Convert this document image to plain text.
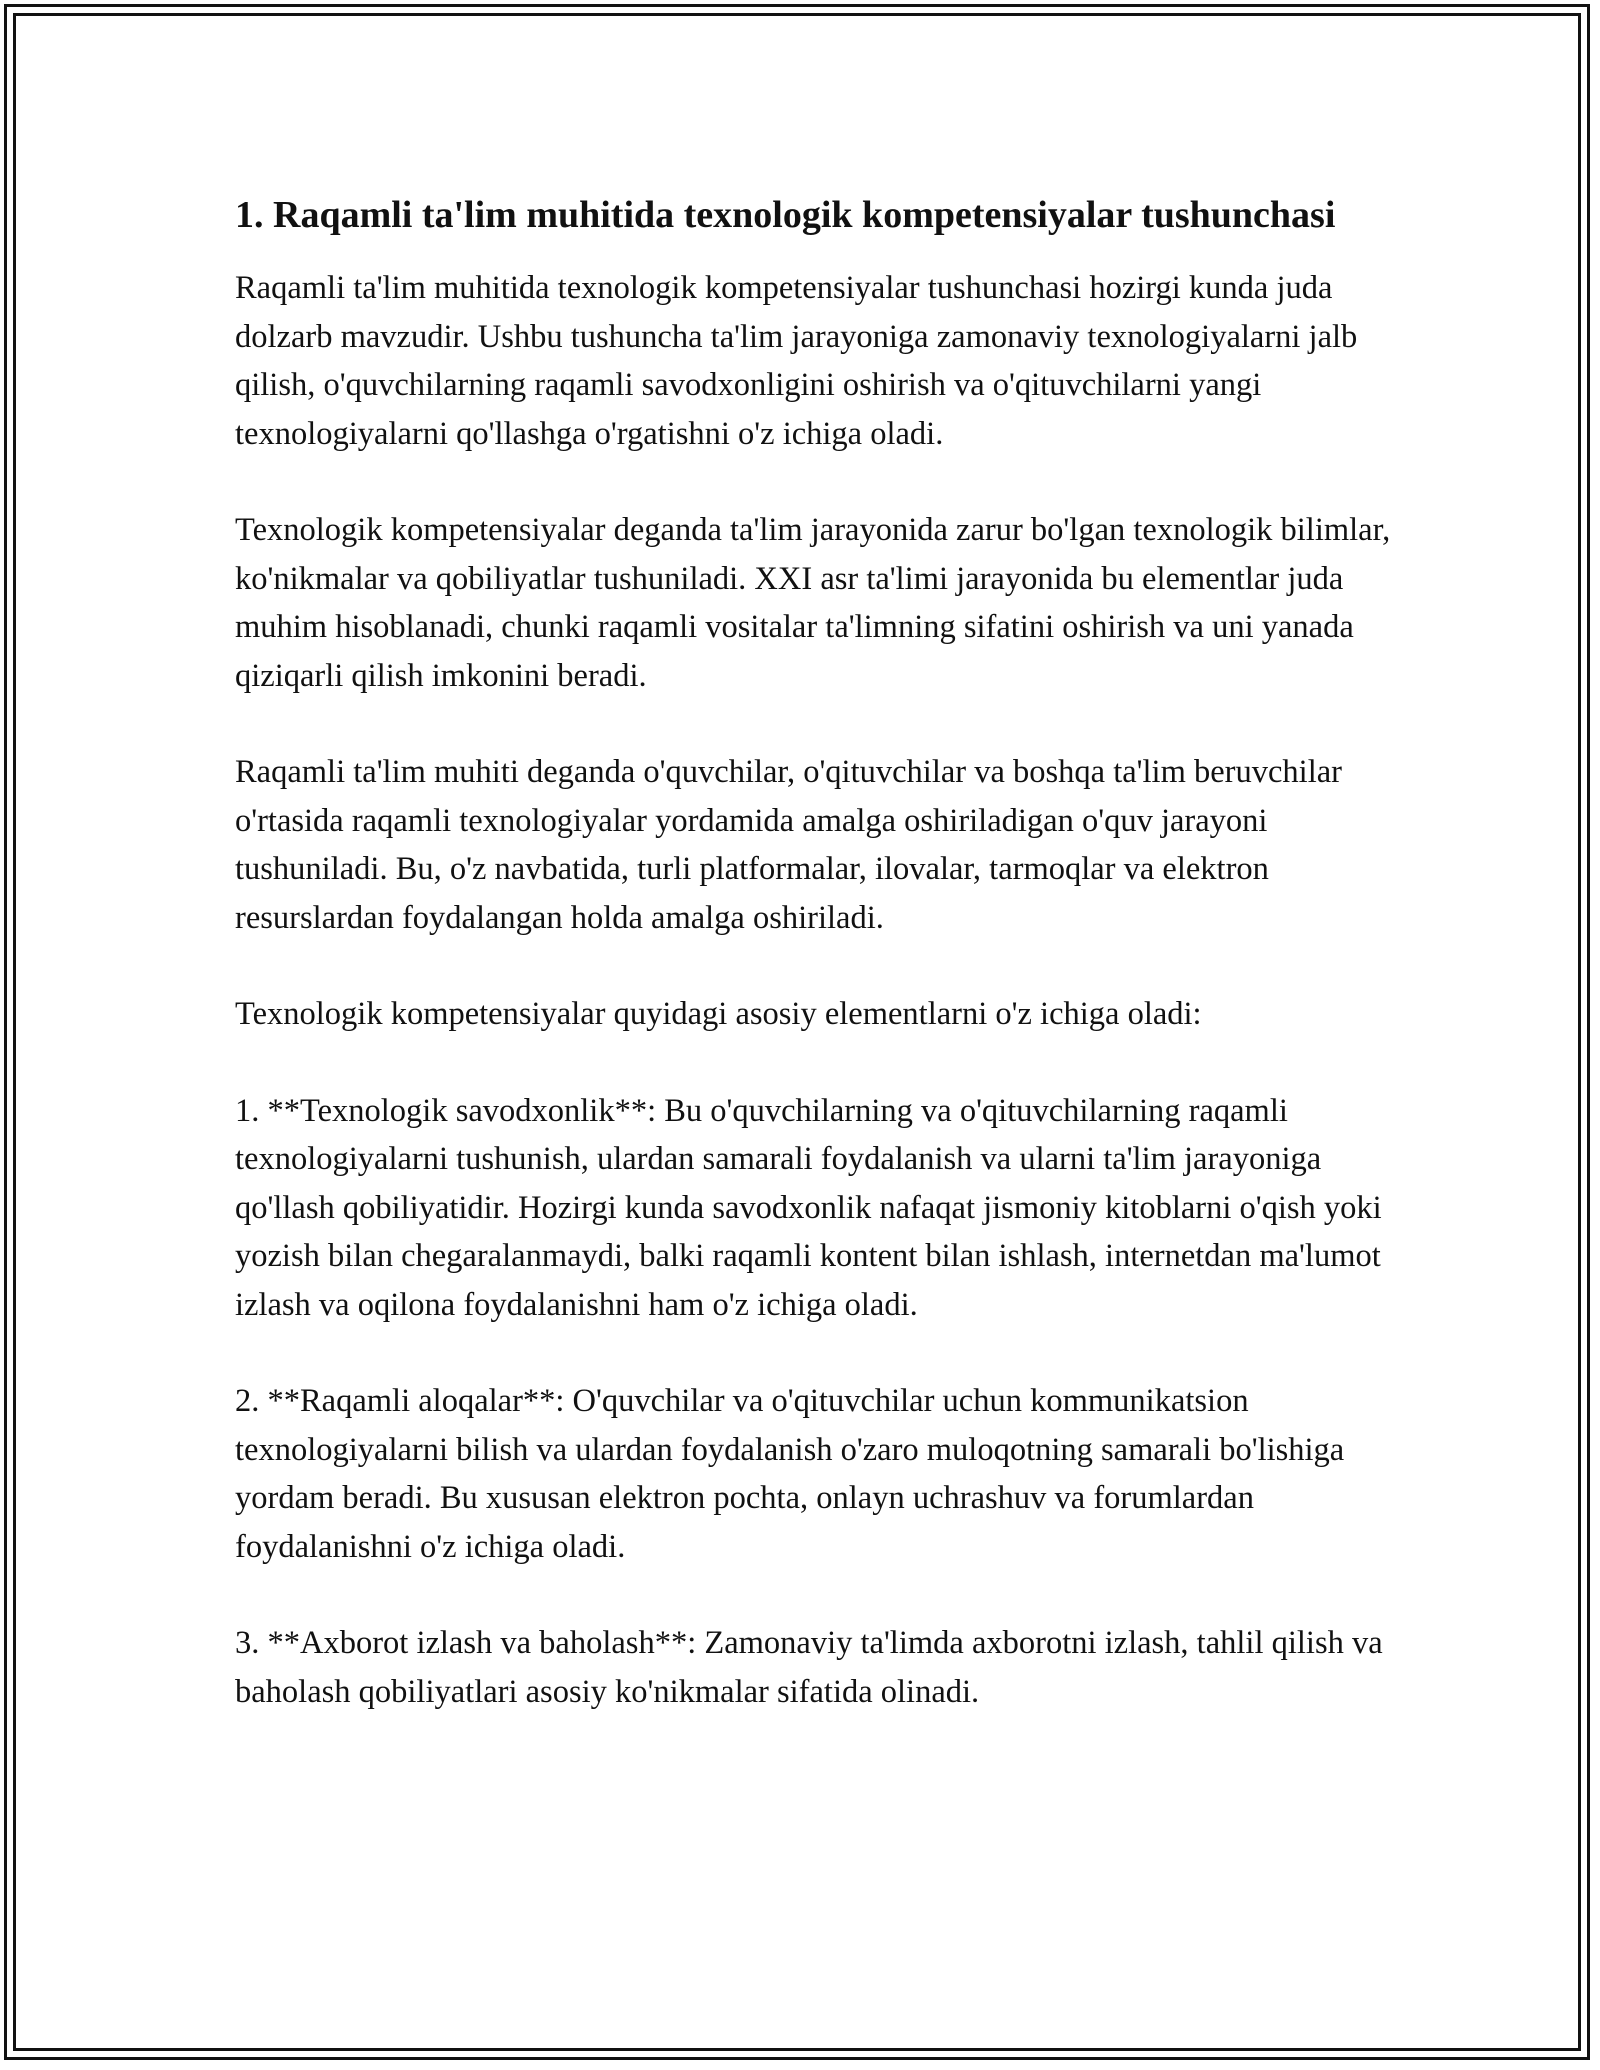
1. Raqamli ta'lim muhitida texnologik kompetensiyalar tushunchasi

Raqamli ta'lim muhitida texnologik kompetensiyalar tushunchasi hozirgi kunda juda dolzarb mavzudir. Ushbu tushuncha ta'lim jarayoniga zamonaviy texnologiyalarni jalb qilish, o'quvchilarning raqamli savodxonligini oshirish va o'qituvchilarni yangi texnologiyalarni qo'llashga o'rgatishni o'z ichiga oladi.

Texnologik kompetensiyalar deganda ta'lim jarayonida zarur bo'lgan texnologik bilimlar, ko'nikmalar va qobiliyatlar tushuniladi. XXI asr ta'limi jarayonida bu elementlar juda muhim hisoblanadi, chunki raqamli vositalar ta'limning sifatini oshirish va uni yanada qiziqarli qilish imkonini beradi.

Raqamli ta'lim muhiti deganda o'quvchilar, o'qituvchilar va boshqa ta'lim beruvchilar o'rtasida raqamli texnologiyalar yordamida amalga oshiriladigan o'quv jarayoni tushuniladi. Bu, o'z navbatida, turli platformalar, ilovalar, tarmoqlar va elektron resurslardan foydalangan holda amalga oshiriladi.

Texnologik kompetensiyalar quyidagi asosiy elementlarni o'z ichiga oladi:

1. **Texnologik savodxonlik**: Bu o'quvchilarning va o'qituvchilarning raqamli texnologiyalarni tushunish, ulardan samarali foydalanish va ularni ta'lim jarayoniga qo'llash qobiliyatidir. Hozirgi kunda savodxonlik nafaqat jismoniy kitoblarni o'qish yoki yozish bilan chegaralanmaydi, balki raqamli kontent bilan ishlash, internetdan ma'lumot izlash va oqilona foydalanishni ham o'z ichiga oladi.

2. **Raqamli aloqalar**: O'quvchilar va o'qituvchilar uchun kommunikatsion texnologiyalarni bilish va ulardan foydalanish o'zaro muloqotning samarali bo'lishiga yordam beradi. Bu xususan elektron pochta, onlayn uchrashuv va forumlardan foydalanishni o'z ichiga oladi.

3. **Axborot izlash va baholash**: Zamonaviy ta'limda axborotni izlash, tahlil qilish va baholash qobiliyatlari asosiy ko'nikmalar sifatida olinadi.
